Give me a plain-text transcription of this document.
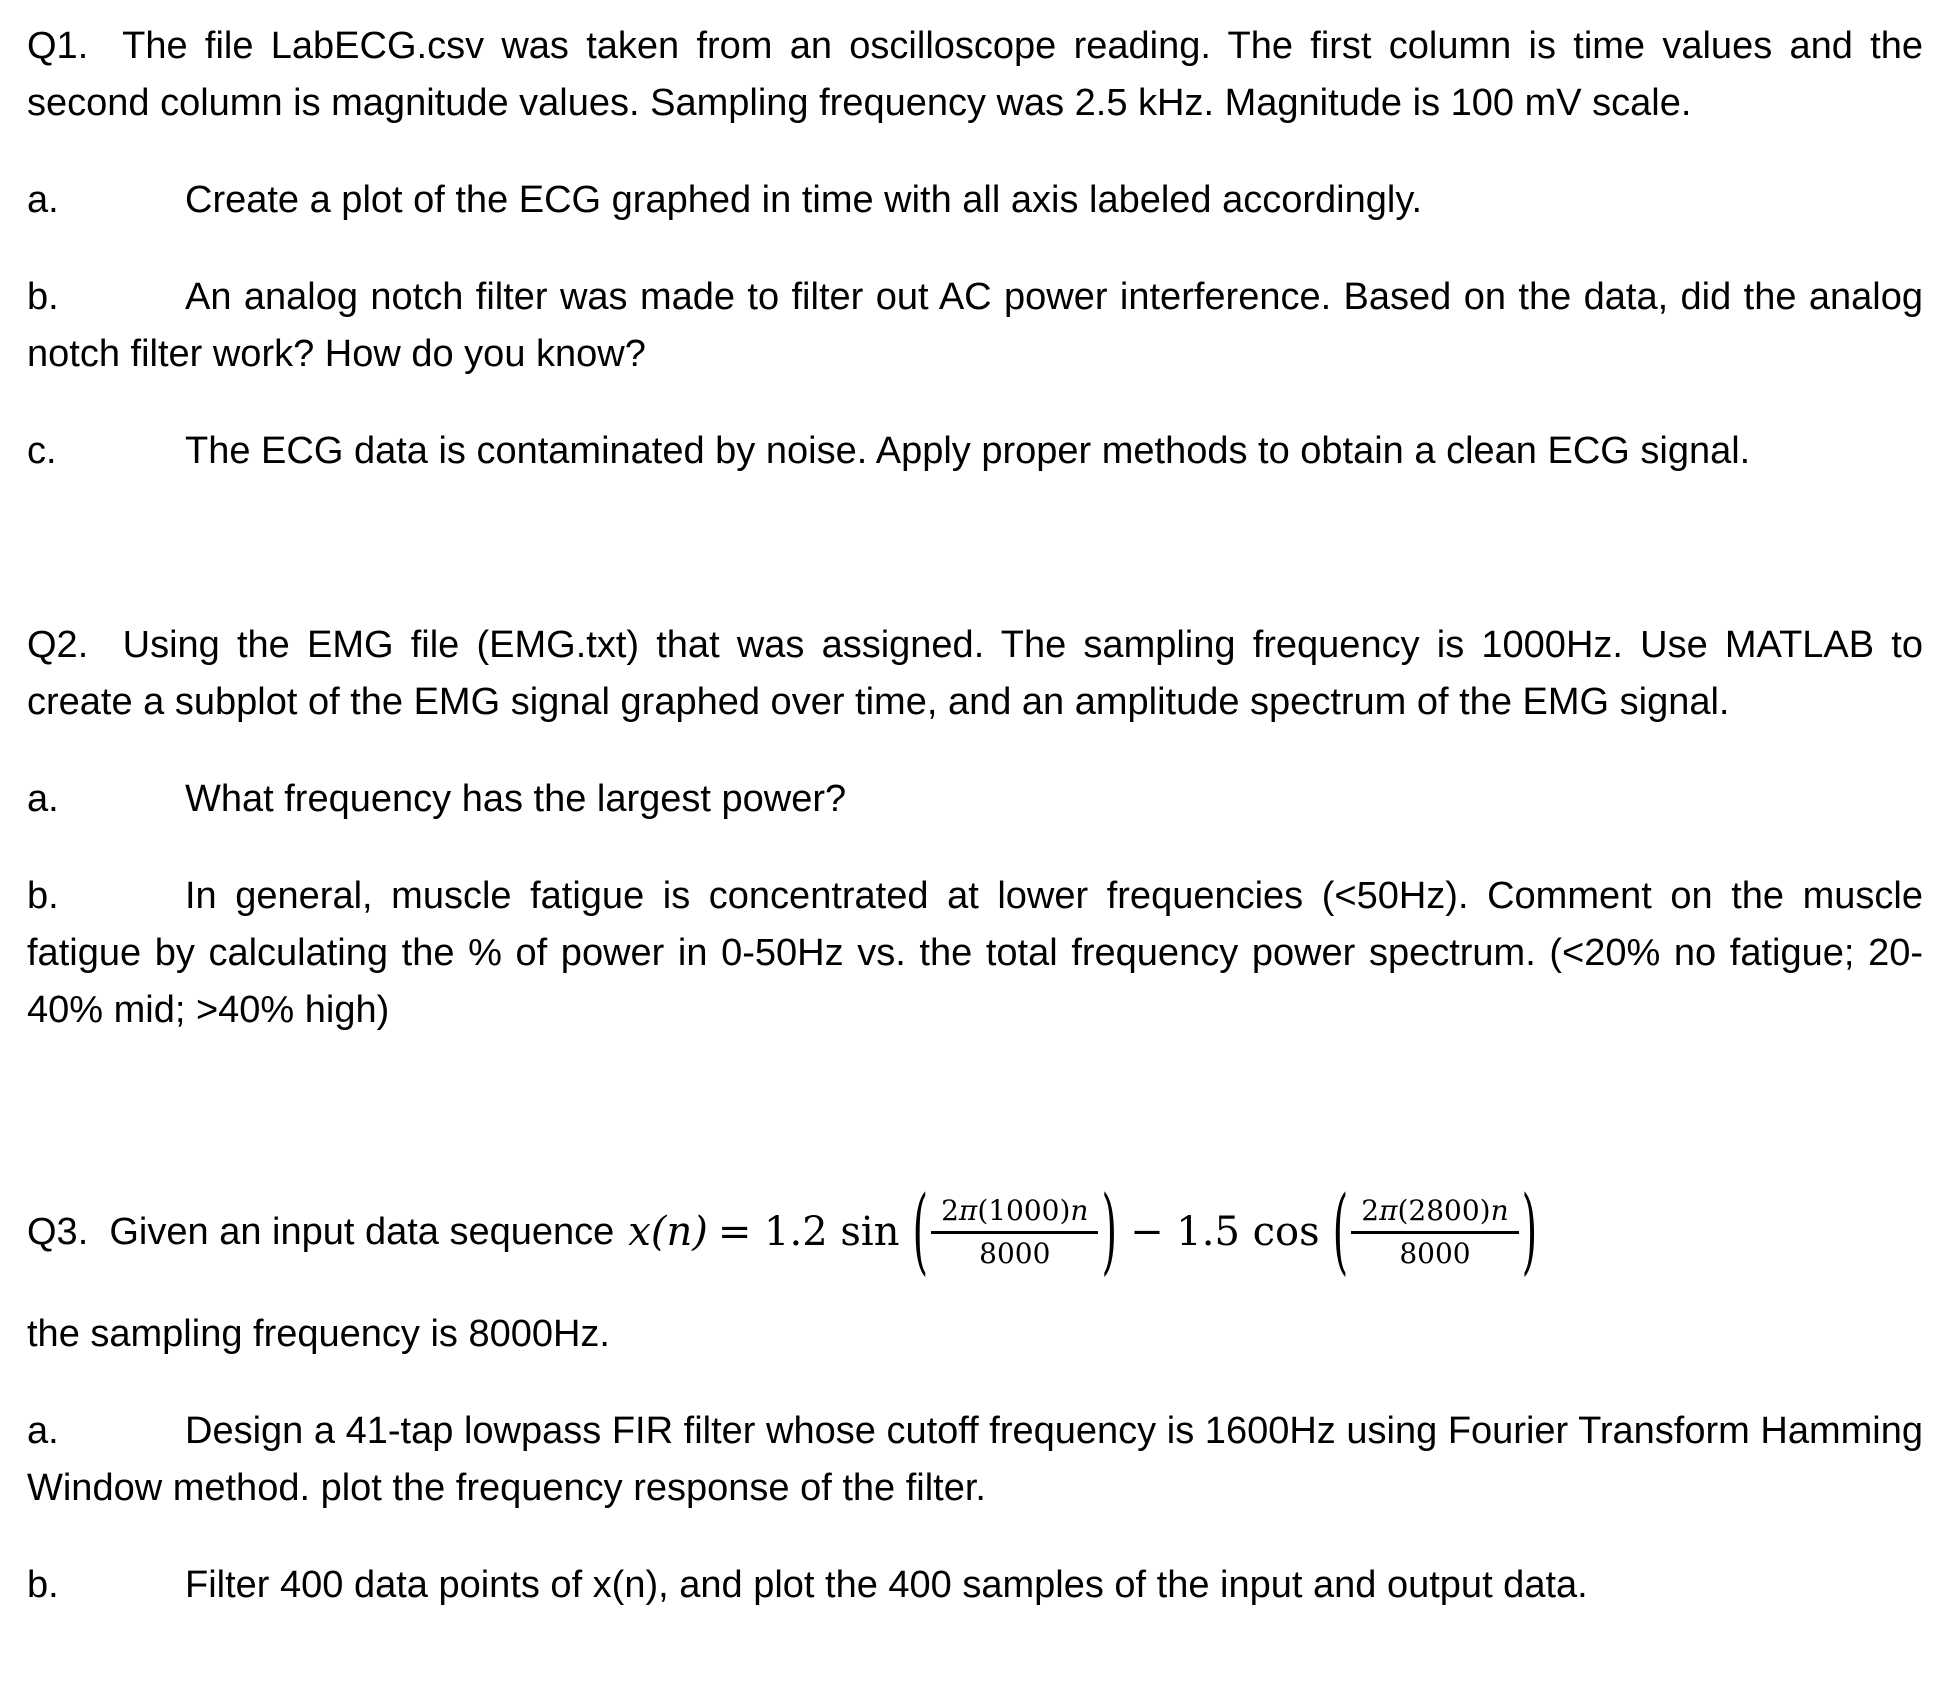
Q1.  The file LabECG.csv was taken from an oscilloscope reading. The first column is time values and the second column is magnitude values. Sampling frequency was 2.5 kHz. Magnitude is 100 mV scale.

a.	Create a plot of the ECG graphed in time with all axis labeled accordingly.

b.	An analog notch filter was made to filter out AC power interference. Based on the data, did the analog notch filter work? How do you know?

c.	The ECG data is contaminated by noise. Apply proper methods to obtain a clean ECG signal.

Q2.  Using the EMG file (EMG.txt) that was assigned. The sampling frequency is 1000Hz. Use MATLAB to create a subplot of the EMG signal graphed over time, and an amplitude spectrum of the EMG signal.

a.	What frequency has the largest power?

b.	In general, muscle fatigue is concentrated at lower frequencies (<50Hz). Comment on the muscle fatigue by calculating the % of power in 0-50Hz vs. the total frequency power spectrum. (<20% no fatigue; 20-40% mid; >40% high)

Q3.  Given an input data sequence x(n) = 1.2 sin ( $\frac{2\pi(1000)n}{8000}$ ) − 1.5 cos ( $\frac{2\pi(2800)n}{8000}$ )

the sampling frequency is 8000Hz.

a.	Design a 41-tap lowpass FIR filter whose cutoff frequency is 1600Hz using Fourier Transform Hamming Window method. plot the frequency response of the filter.

b.	Filter 400 data points of x(n), and plot the 400 samples of the input and output data.
